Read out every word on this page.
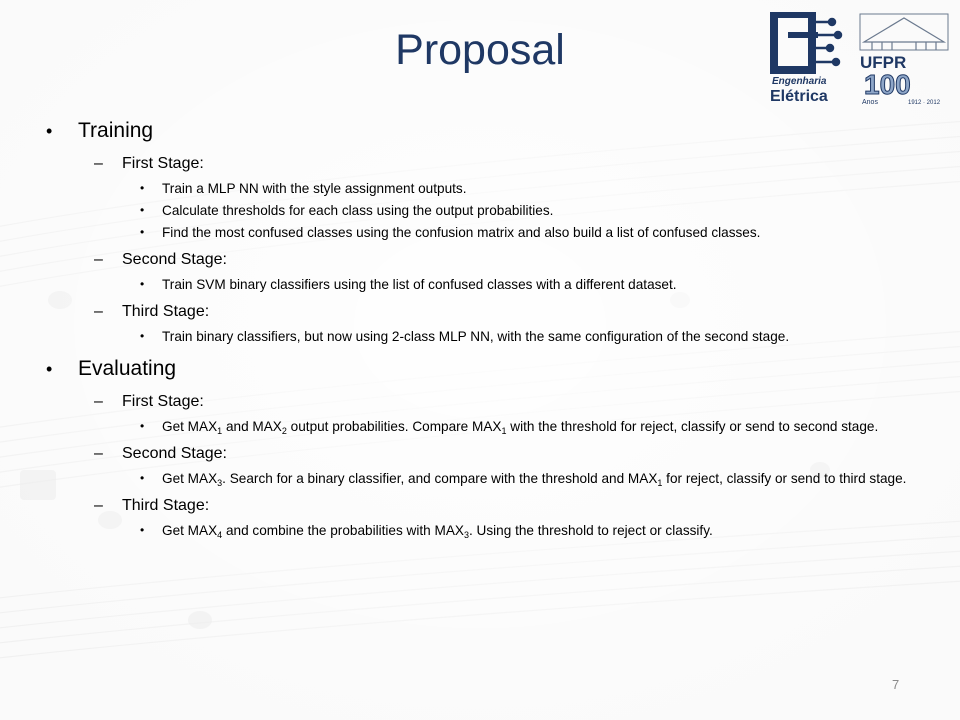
Proposal
Engenharia
Elétrica
UFPR
100
Anos	1912 · 2012
• Training
– First Stage:
• Train a MLP NN with the style assignment outputs.
• Calculate thresholds for each class using the output probabilities.
• Find the most confused classes using the confusion matrix and also build a list of confused classes.
– Second Stage:
• Train SVM binary classifiers using the list of confused classes with a different dataset.
– Third Stage:
• Train binary classifiers, but now using 2-class MLP NN, with the same configuration of the second stage.
• Evaluating
– First Stage:
• Get $MAX_1$ and $MAX_2$ output probabilities. Compare $MAX_1$ with the threshold for reject, classify or send to second stage.
– Second Stage:
• Get $MAX_3$. Search for a binary classifier, and compare with the threshold and $MAX_1$ for reject, classify or send to third stage.
– Third Stage:
• Get $MAX_4$ and combine the probabilities with $MAX_3$. Using the threshold to reject or classify.
7
